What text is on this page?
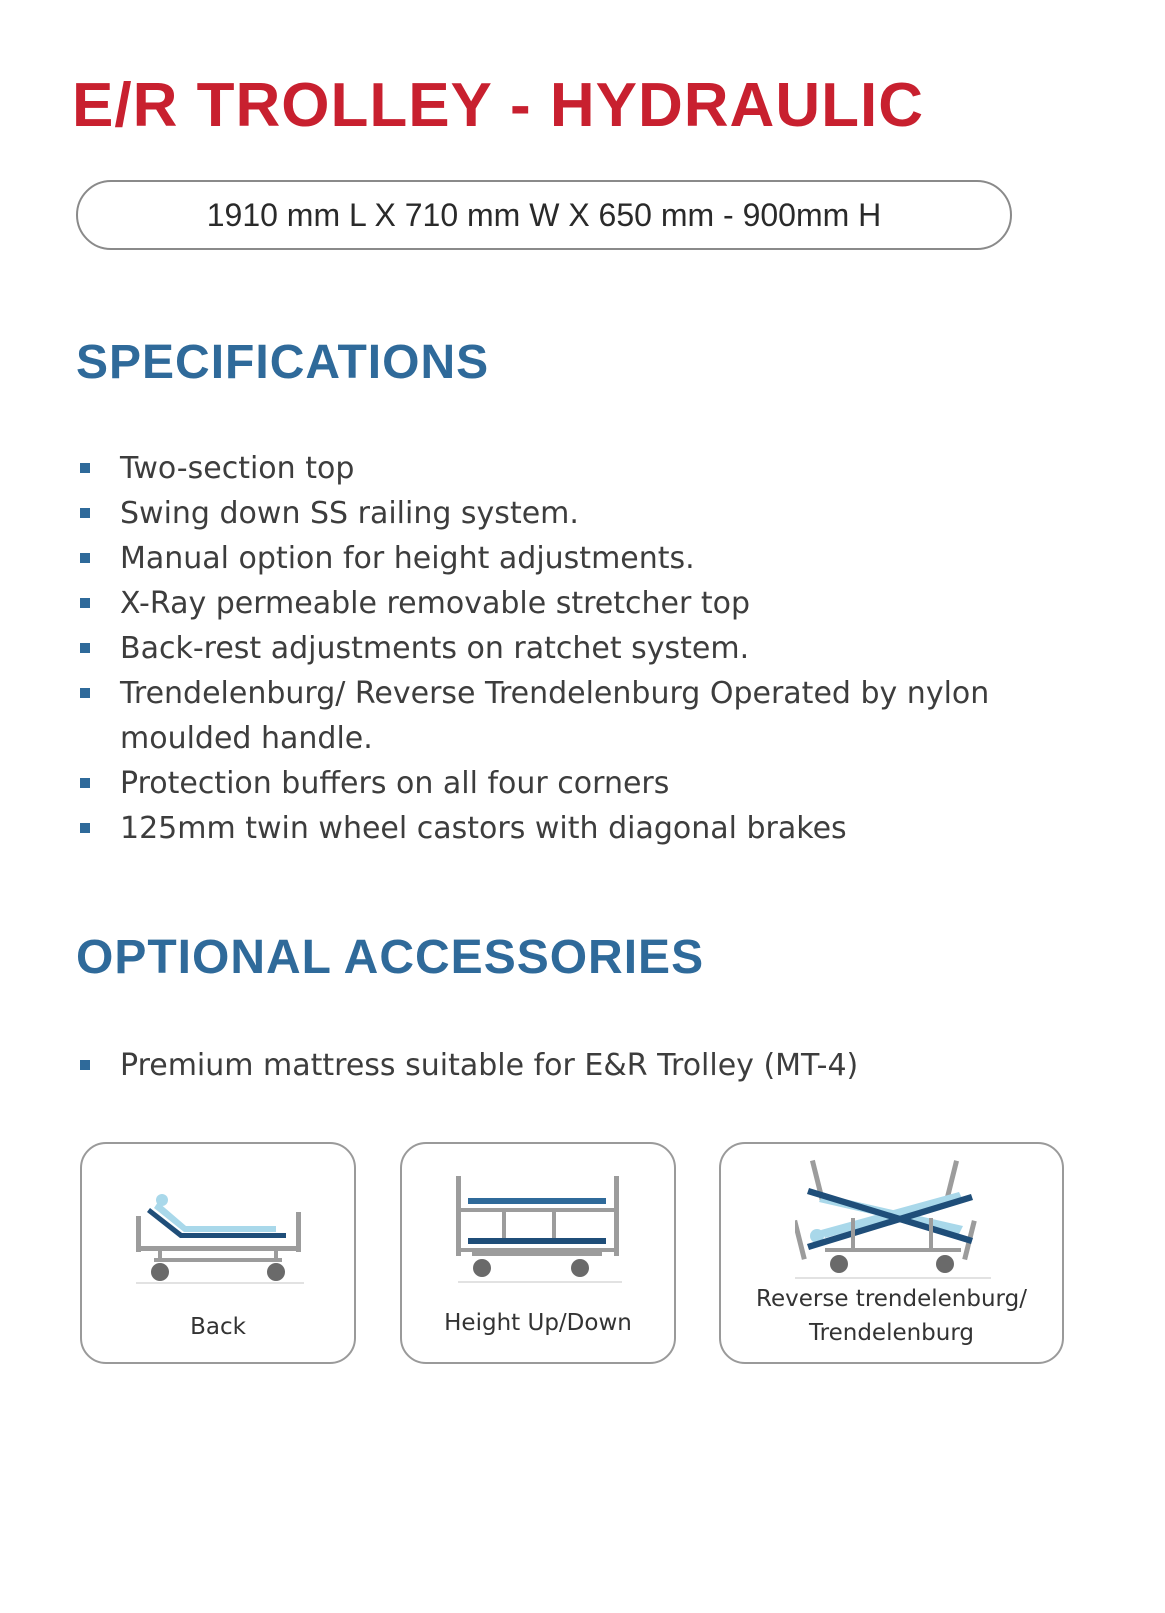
E/R TROLLEY - HYDRAULIC
1910 mm L X 710 mm W X 650 mm - 900mm H
SPECIFICATIONS
Two-section top
Swing down SS railing system.
Manual option for height adjustments.
X-Ray permeable removable stretcher top
Back-rest adjustments on ratchet system.
Trendelenburg/ Reverse Trendelenburg Operated by nylon moulded handle.
Protection buffers on all four corners
125mm twin wheel castors with diagonal brakes
OPTIONAL ACCESSORIES
Premium mattress suitable for E&R Trolley (MT-4)
Back	Height Up/Down
Reverse trendelenburg/
Trendelenburg
